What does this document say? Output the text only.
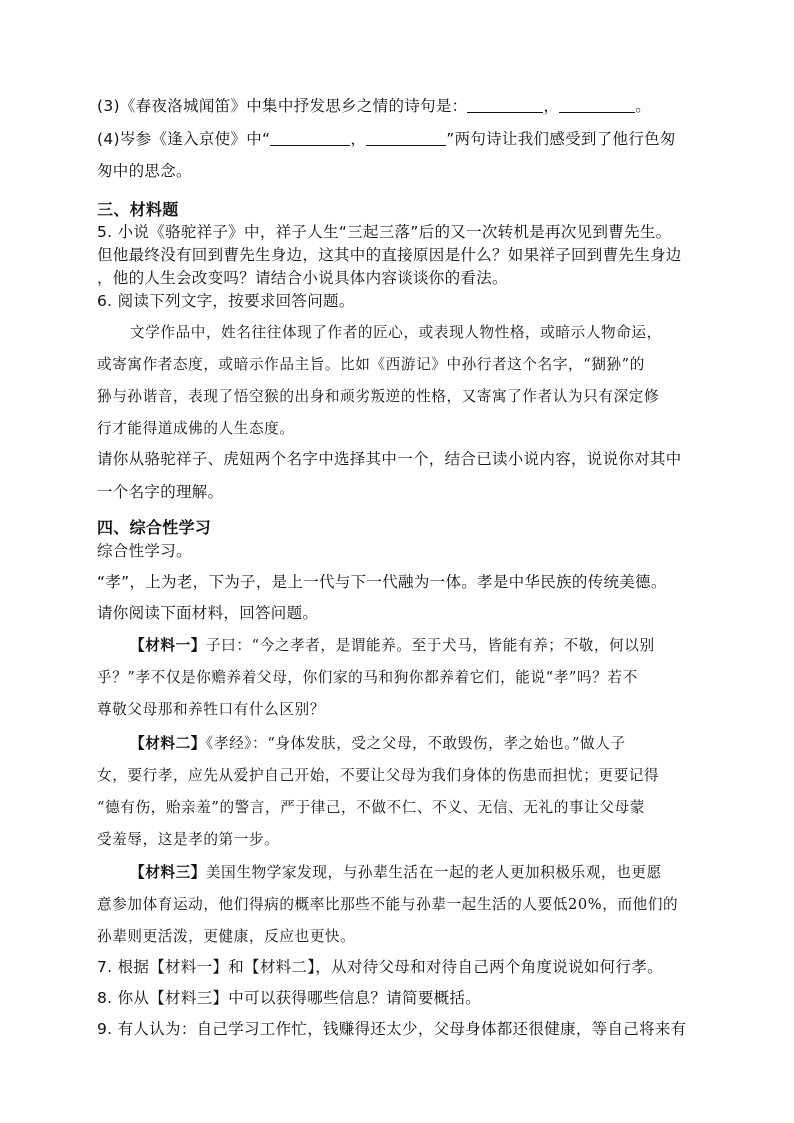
(3)《春夜洛城闻笛》中集中抒发思乡之情的诗句是：	，	。
(4)岑参《逢入京使》中“	，	”两句诗让我们感受到了他行色匆
匆中的思念。
三、材料题
5. 小说《骆驼祥子》中，祥子人生“三起三落”后的又一次转机是再次见到曹先生。
但他最终没有回到曹先生身边，这其中的直接原因是什么？如果祥子回到曹先生身边
，他的人生会改变吗？请结合小说具体内容谈谈你的看法。
6. 阅读下列文字，按要求回答问题。
文学作品中，姓名往往体现了作者的匠心，或表现人物性格，或暗示人物命运，
或寄寓作者态度，或暗示作品主旨。比如《西游记》中孙行者这个名字，“猢狲”的
狲与孙谐音，表现了悟空猴的出身和顽劣叛逆的性格，又寄寓了作者认为只有深定修
行才能得道成佛的人生态度。
请你从骆驼祥子、虎妞两个名字中选择其中一个，结合已读小说内容，说说你对其中
一个名字的理解。
四、综合性学习
综合性学习。
“孝”，上为老，下为子，是上一代与下一代融为一体。孝是中华民族的传统美德。
请你阅读下面材料，回答问题。
【材料一】子曰：“今之孝者，是谓能养。至于犬马，皆能有养；不敬，何以别
乎？”孝不仅是你赡养着父母，你们家的马和狗你都养着它们，能说“孝”吗？若不
尊敬父母那和养牲口有什么区别？
【材料二】《孝经》：“身体发肤，受之父母，不敢毁伤，孝之始也。”做人子
女，要行孝，应先从爱护自己开始，不要让父母为我们身体的伤患而担忧；更要记得
“德有伤，贻亲羞”的警言，严于律己，不做不仁、不义、无信、无礼的事让父母蒙
受羞辱，这是孝的第一步。
【材料三】美国生物学家发现，与孙辈生活在一起的老人更加积极乐观，也更愿
意参加体育运动，他们得病的概率比那些不能与孙辈一起生活的人要低20%，而他们的
孙辈则更活泼，更健康，反应也更快。
7. 根据【材料一】和【材料二】，从对待父母和对待自己两个角度说说如何行孝。
8. 你从【材料三】中可以获得哪些信息？请简要概括。
9. 有人认为：自己学习工作忙，钱赚得还太少，父母身体都还很健康，等自己将来有
